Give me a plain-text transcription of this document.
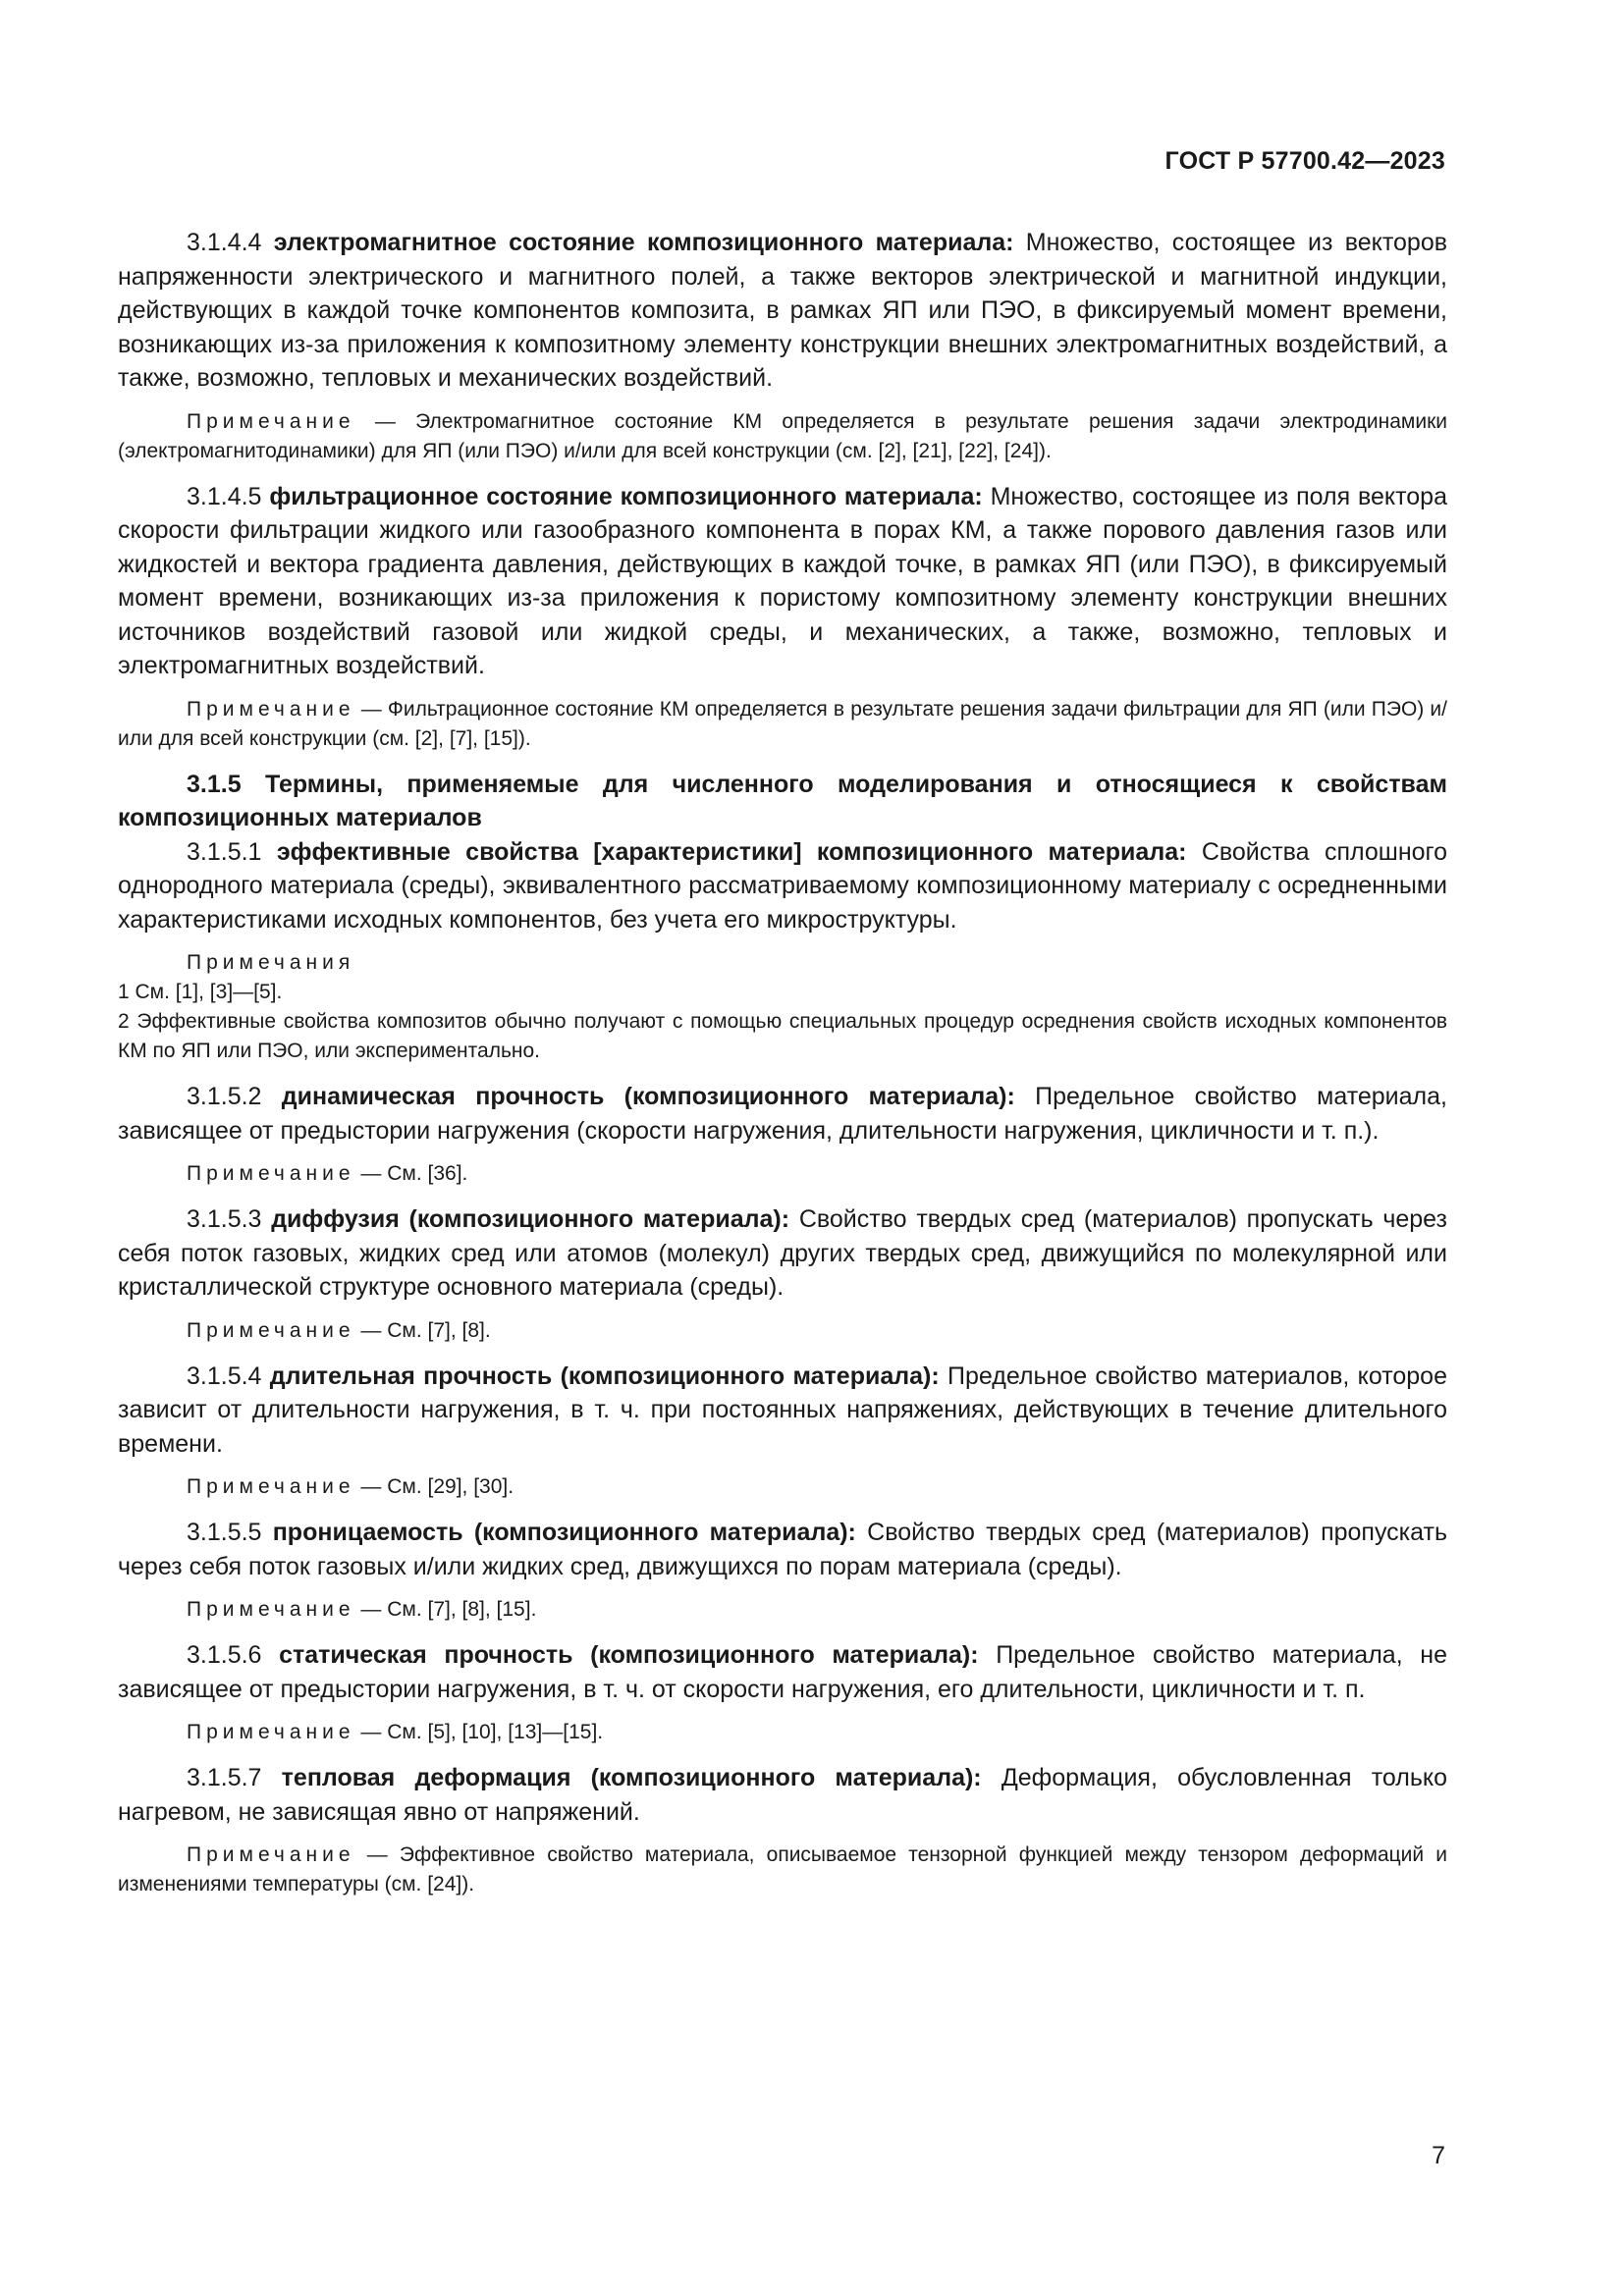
ГОСТ Р 57700.42—2023

3.1.4.4 электромагнитное состояние композиционного материала: Множество, состоящее из векторов напряженности электрического и магнитного полей, а также векторов электрической и магнитной индукции, действующих в каждой точке компонентов композита, в рамках ЯП или ПЭО, в фиксируемый момент времени, возникающих из-за приложения к композитному элементу конструкции внешних электромагнитных воздействий, а также, возможно, тепловых и механических воздействий.

Примечание — Электромагнитное состояние КМ определяется в результате решения задачи электродинамики (электромагнитодинамики) для ЯП (или ПЭО) и/или для всей конструкции (см. [2], [21], [22], [24]).

3.1.4.5 фильтрационное состояние композиционного материала: Множество, состоящее из поля вектора скорости фильтрации жидкого или газообразного компонента в порах КМ, а также порового давления газов или жидкостей и вектора градиента давления, действующих в каждой точке, в рамках ЯП (или ПЭО), в фиксируемый момент времени, возникающих из-за приложения к пористому композитному элементу конструкции внешних источников воздействий газовой или жидкой среды, и механических, а также, возможно, тепловых и электромагнитных воздействий.

Примечание — Фильтрационное состояние КМ определяется в результате решения задачи фильтрации для ЯП (или ПЭО) и/или для всей конструкции (см. [2], [7], [15]).

3.1.5 Термины, применяемые для численного моделирования и относящиеся к свойствам композиционных материалов

3.1.5.1 эффективные свойства [характеристики] композиционного материала: Свойства сплошного однородного материала (среды), эквивалентного рассматриваемому композиционному материалу с осредненными характеристиками исходных компонентов, без учета его микроструктуры.

Примечания

1 См. [1], [3]—[5].

2 Эффективные свойства композитов обычно получают с помощью специальных процедур осреднения свойств исходных компонентов КМ по ЯП или ПЭО, или экспериментально.

3.1.5.2 динамическая прочность (композиционного материала): Предельное свойство материала, зависящее от предыстории нагружения (скорости нагружения, длительности нагружения, цикличности и т. п.).

Примечание — См. [36].

3.1.5.3 диффузия (композиционного материала): Свойство твердых сред (материалов) пропускать через себя поток газовых, жидких сред или атомов (молекул) других твердых сред, движущийся по молекулярной или кристаллической структуре основного материала (среды).

Примечание — См. [7], [8].

3.1.5.4 длительная прочность (композиционного материала): Предельное свойство материалов, которое зависит от длительности нагружения, в т. ч. при постоянных напряжениях, действующих в течение длительного времени.

Примечание — См. [29], [30].

3.1.5.5 проницаемость (композиционного материала): Свойство твердых сред (материалов) пропускать через себя поток газовых и/или жидких сред, движущихся по порам материала (среды).

Примечание — См. [7], [8], [15].

3.1.5.6 статическая прочность (композиционного материала): Предельное свойство материала, не зависящее от предыстории нагружения, в т. ч. от скорости нагружения, его длительности, цикличности и т. п.

Примечание — См. [5], [10], [13]—[15].

3.1.5.7 тепловая деформация (композиционного материала): Деформация, обусловленная только нагревом, не зависящая явно от напряжений.

Примечание — Эффективное свойство материала, описываемое тензорной функцией между тензором деформаций и изменениями температуры (см. [24]).

7
